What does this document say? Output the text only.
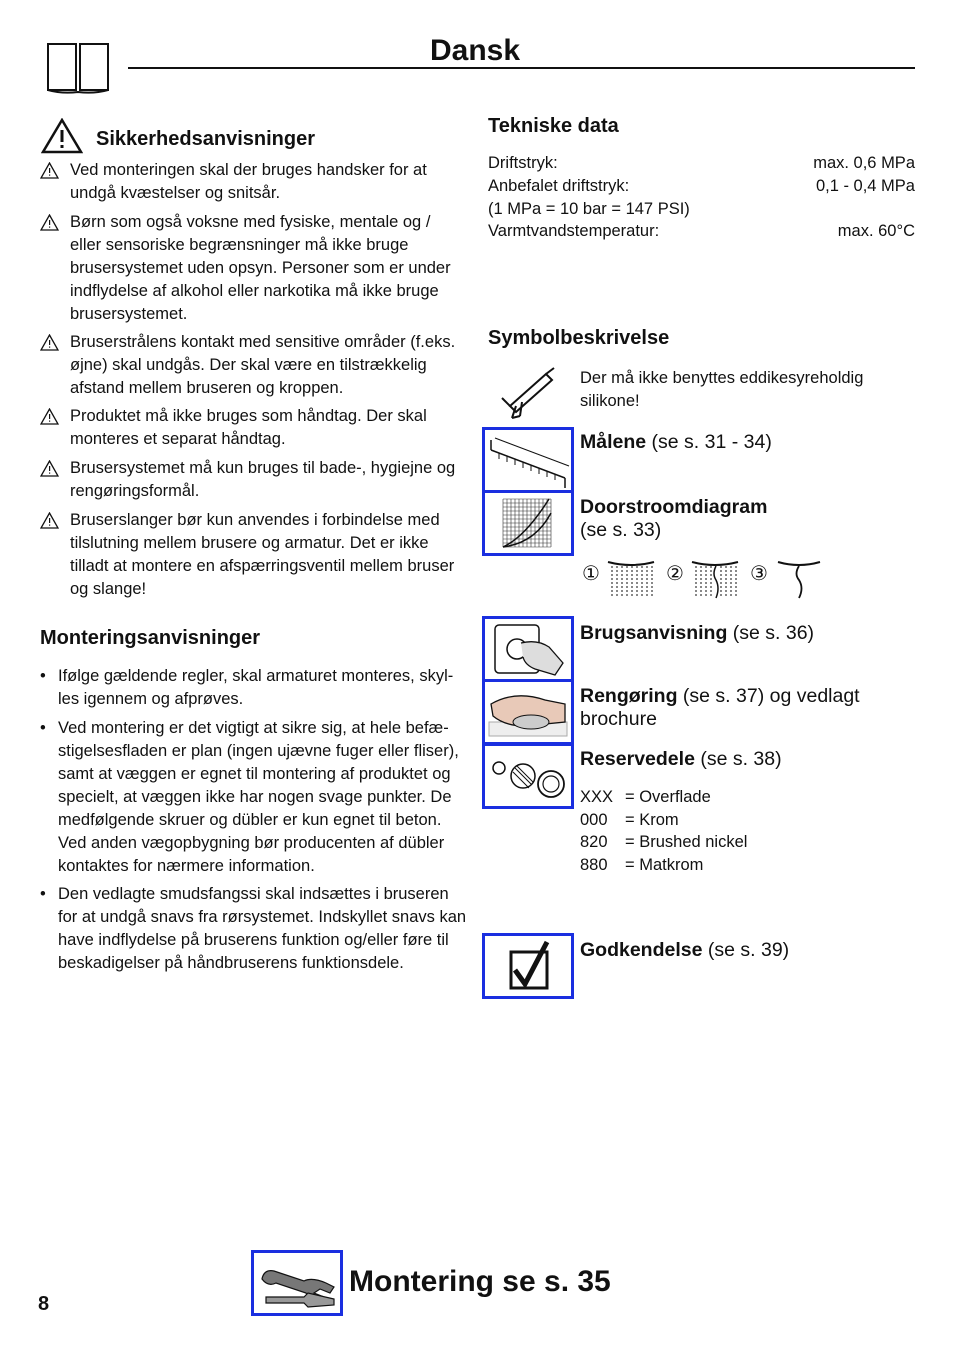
Dansk
Sikkerhedsanvisninger
Ved monteringen skal der bruges handsker for at undgå kvæstelser og snitsår.
Børn som også voksne med fysiske, mentale og / eller sensoriske begrænsninger må ikke bruge brusersystemet uden opsyn. Personer som er under indflydelse af alkohol eller narkotika må ikke bruge brusersystemet.
Bruserstrålens kontakt med sensitive områder (f.eks. øjne) skal undgås. Der skal være en tilstrækkelig afstand mellem bruseren og kroppen.
Produktet må ikke bruges som håndtag. Der skal monteres et separat håndtag.
Brusersystemet må kun bruges til bade-, hygiejne og rengøringsformål.
Bruserslanger bør kun anvendes i forbindelse med tilslutning mellem brusere og armatur. Det er ikke tilladt at montere en afspærringsventil mellem bruser og slange!
Monteringsanvisninger
• Ifølge gældende regler, skal armaturet monteres, skyl-les igennem og afprøves.
• Ved montering er det vigtigt at sikre sig, at hele befæ-stigelsesfladen er plan (ingen ujævne fuger eller fliser), samt at væggen er egnet til montering af produktet og specielt, at væggen ikke har nogen svage punkter. De medfølgende skruer og dübler er kun egnet til beton. Ved anden vægopbygning bør producenten af dübler kontaktes for nærmere information.
• Den vedlagte smudsfangssi skal indsættes i bruseren for at undgå snavs fra rørsystemet. Indskyllet snavs kan have indflydelse på bruserens funktion og/eller føre til beskadigelser på håndbruserens funktionsdele.
Tekniske data
Driftstryk:	max. 0,6 MPa
Anbefalet driftstryk:	0,1 - 0,4 MPa
(1 MPa = 10 bar = 147 PSI)
Varmtvandstemperatur:	max. 60°C
Symbolbeskrivelse
Der må ikke benyttes eddikesyreholdig silikone!
Målene (se s. 31 - 34)
Doorstroomdiagram
(se s. 33)
①	②	③
Brugsanvisning (se s. 36)
Rengøring (se s. 37) og vedlagt brochure
Reservedele (se s. 38)
XXX = Overflade
000 = Krom
820 = Brushed nickel
880 = Matkrom
Godkendelse (se s. 39)
Montering se s. 35
8
